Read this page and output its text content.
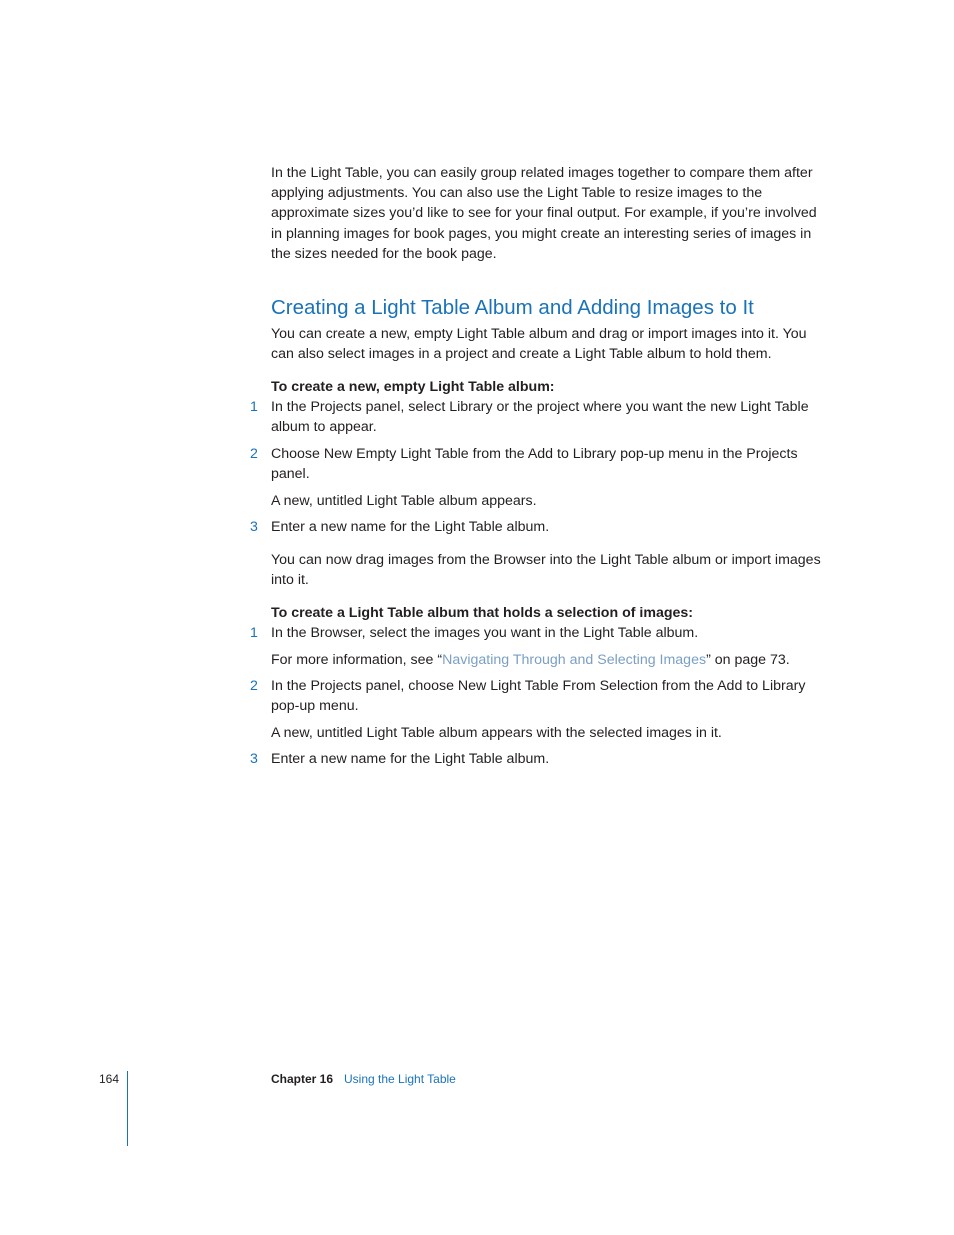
In the Light Table, you can easily group related images together to compare them after applying adjustments. You can also use the Light Table to resize images to the approximate sizes you’d like to see for your final output. For example, if you’re involved in planning images for book pages, you might create an interesting series of images in the sizes needed for the book page.

Creating a Light Table Album and Adding Images to It

You can create a new, empty Light Table album and drag or import images into it. You can also select images in a project and create a Light Table album to hold them.

To create a new, empty Light Table album:

1 In the Projects panel, select Library or the project where you want the new Light Table album to appear.

2 Choose New Empty Light Table from the Add to Library pop-up menu in the Projects panel.

A new, untitled Light Table album appears.

3 Enter a new name for the Light Table album.

You can now drag images from the Browser into the Light Table album or import images into it.

To create a Light Table album that holds a selection of images:

1 In the Browser, select the images you want in the Light Table album.

For more information, see “Navigating Through and Selecting Images” on page 73.

2 In the Projects panel, choose New Light Table From Selection from the Add to Library pop-up menu.

A new, untitled Light Table album appears with the selected images in it.

3 Enter a new name for the Light Table album.

164	Chapter 16 Using the Light Table
